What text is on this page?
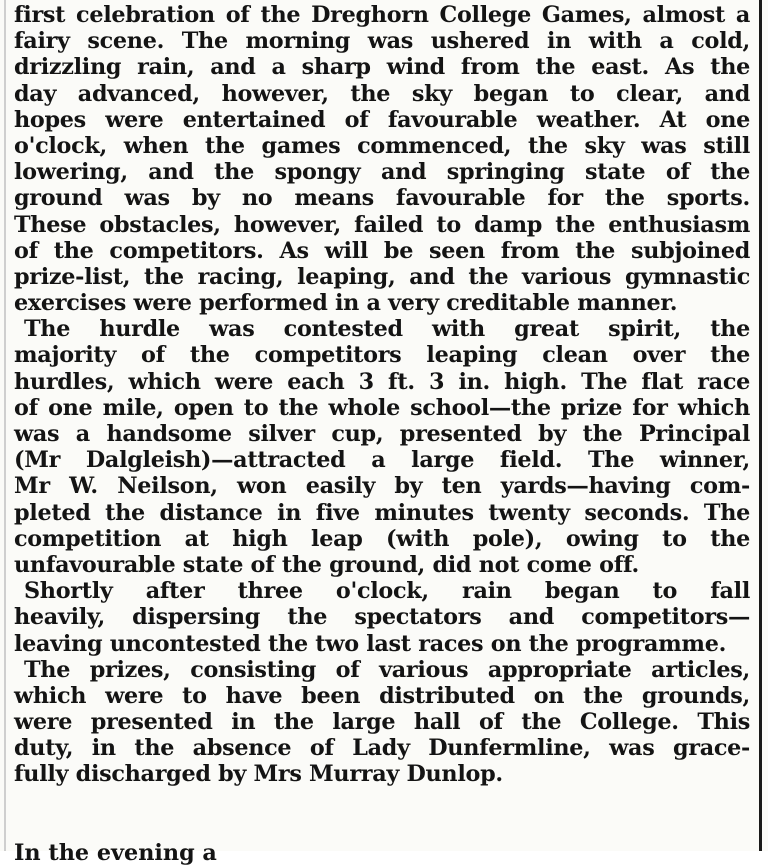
first celebration of the Dreghorn College Games, almost a
fairy scene. The morning was ushered in with a cold,
drizzling rain, and a sharp wind from the east. As the
day advanced, however, the sky began to clear, and
hopes were entertained of favourable weather. At one
o'clock, when the games commenced, the sky was still
lowering, and the spongy and springing state of the
ground was by no means favourable for the sports.
These obstacles, however, failed to damp the enthusiasm
of the competitors. As will be seen from the subjoined
prize-list, the racing, leaping, and the various gymnastic
exercises were performed in a very creditable manner.
The hurdle was contested with great spirit, the
majority of the competitors leaping clean over the
hurdles, which were each 3 ft. 3 in. high. The flat race
of one mile, open to the whole school—the prize for which
was a handsome silver cup, presented by the Principal
(Mr Dalgleish)—attracted a large field. The winner,
Mr W. Neilson, won easily by ten yards—having com-
pleted the distance in five minutes twenty seconds. The
competition at high leap (with pole), owing to the
unfavourable state of the ground, did not come off.
Shortly after three o'clock, rain began to fall
heavily, dispersing the spectators and competitors—
leaving uncontested the two last races on the programme.
The prizes, consisting of various appropriate articles,
which were to have been distributed on the grounds,
were presented in the large hall of the College. This
duty, in the absence of Lady Dunfermline, was grace-
fully discharged by Mrs Murray Dunlop.
In the evening a
